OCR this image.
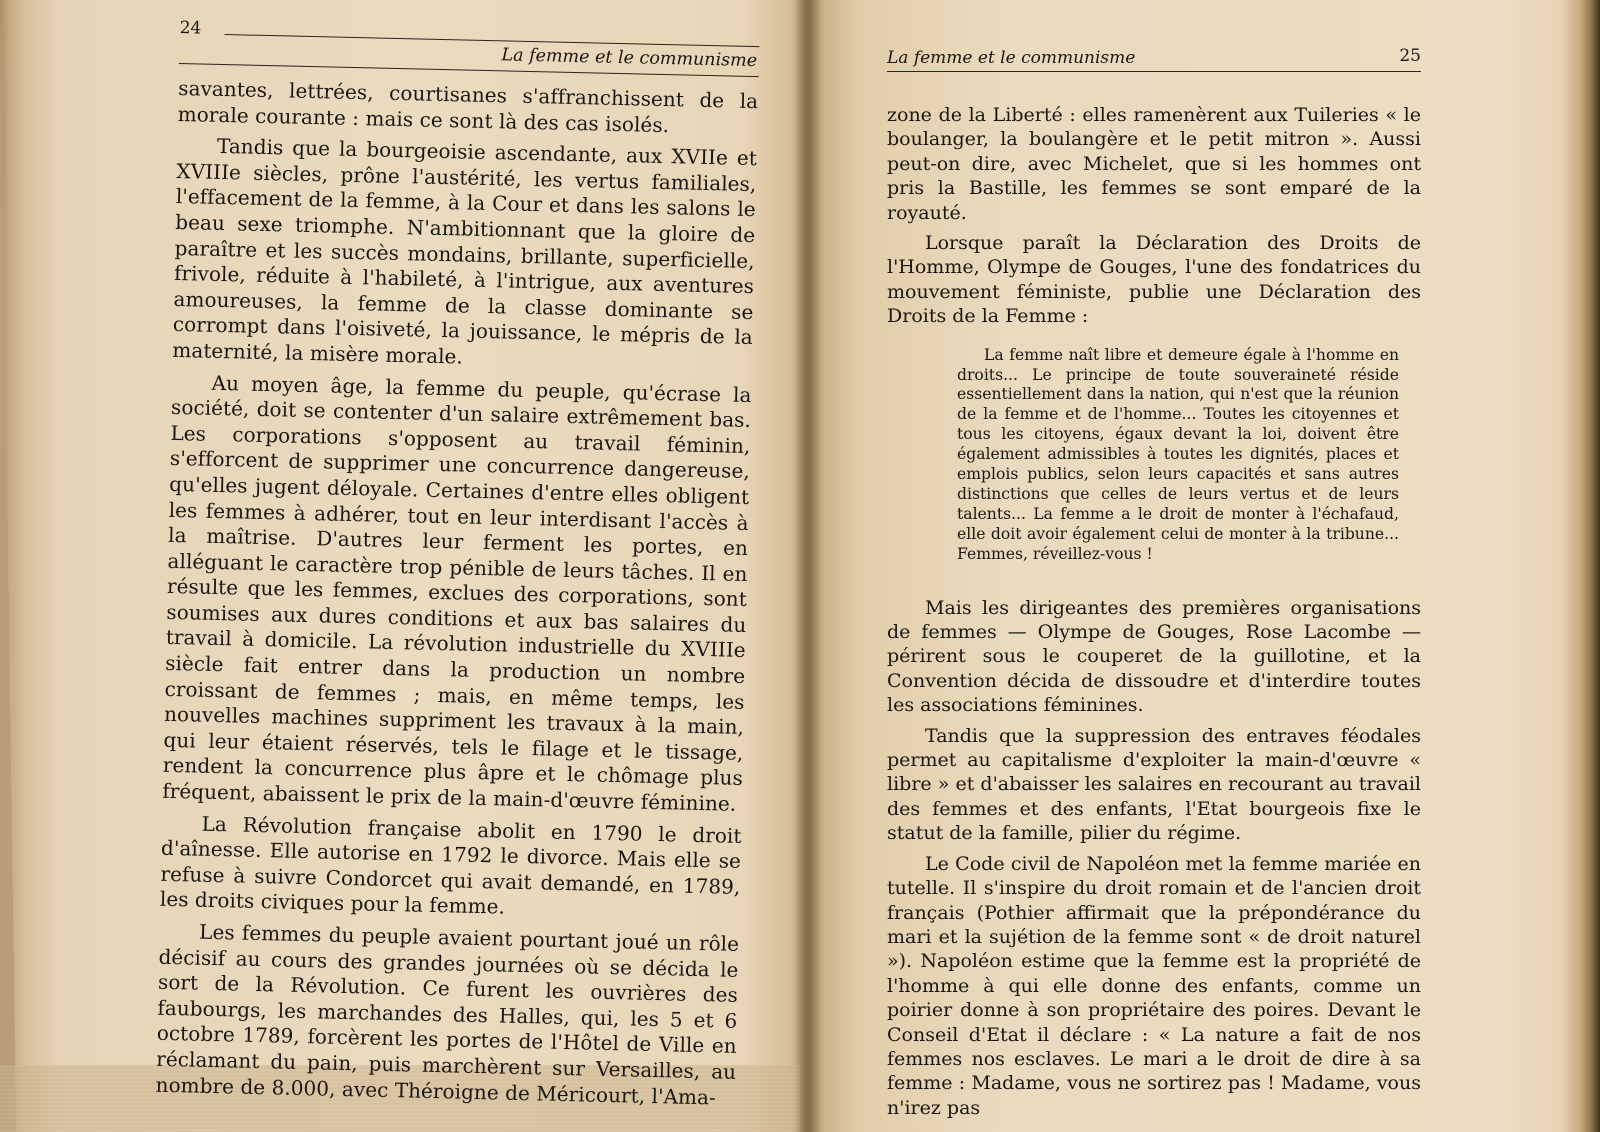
24
La femme et le communisme

savantes, lettrées, courtisanes s'affranchissent de la morale courante : mais ce sont là des cas isolés.

Tandis que la bourgeoisie ascendante, aux XVIIe et XVIIIe siècles, prône l'austérité, les vertus familiales, l'effacement de la femme, à la Cour et dans les salons le beau sexe triomphe. N'ambitionnant que la gloire de paraître et les succès mondains, brillante, superficielle, frivole, réduite à l'habileté, à l'intrigue, aux aventures amoureuses, la femme de la classe dominante se corrompt dans l'oisiveté, la jouissance, le mépris de la maternité, la misère morale.

Au moyen âge, la femme du peuple, qu'écrase la société, doit se contenter d'un salaire extrêmement bas. Les corporations s'opposent au travail féminin, s'efforcent de supprimer une concurrence dangereuse, qu'elles jugent déloyale. Certaines d'entre elles obligent les femmes à adhérer, tout en leur interdisant l'accès à la maîtrise. D'autres leur ferment les portes, en alléguant le caractère trop pénible de leurs tâches. Il en résulte que les femmes, exclues des corporations, sont soumises aux dures conditions et aux bas salaires du travail à domicile. La révolution industrielle du XVIIIe siècle fait entrer dans la production un nombre croissant de femmes ; mais, en même temps, les nouvelles machines suppriment les travaux à la main, qui leur étaient réservés, tels le filage et le tissage, rendent la concurrence plus âpre et le chômage plus fréquent, abaissent le prix de la main-d'œuvre féminine.

La Révolution française abolit en 1790 le droit d'aînesse. Elle autorise en 1792 le divorce. Mais elle se refuse à suivre Condorcet qui avait demandé, en 1789, les droits civiques pour la femme.

Les femmes du peuple avaient pourtant joué un rôle décisif au cours des grandes journées où se décida le sort de la Révolution. Ce furent les ouvrières des faubourgs, les marchandes des Halles, qui, les 5 et 6 octobre 1789, forcèrent les portes de l'Hôtel de Ville en réclamant du pain, puis marchèrent sur Versailles, au nombre de 8.000, avec Théroigne de Méricourt, l'Ama-

La femme et le communisme	25

zone de la Liberté : elles ramenèrent aux Tuileries « le boulanger, la boulangère et le petit mitron ». Aussi peut-on dire, avec Michelet, que si les hommes ont pris la Bastille, les femmes se sont emparé de la royauté.

Lorsque paraît la Déclaration des Droits de l'Homme, Olympe de Gouges, l'une des fondatrices du mouvement féministe, publie une Déclaration des Droits de la Femme :

La femme naît libre et demeure égale à l'homme en droits... Le principe de toute souveraineté réside essentiellement dans la nation, qui n'est que la réunion de la femme et de l'homme... Toutes les citoyennes et tous les citoyens, égaux devant la loi, doivent être également admissibles à toutes les dignités, places et emplois publics, selon leurs capacités et sans autres distinctions que celles de leurs vertus et de leurs talents... La femme a le droit de monter à l'échafaud, elle doit avoir également celui de monter à la tribune... Femmes, réveillez-vous !

Mais les dirigeantes des premières organisations de femmes — Olympe de Gouges, Rose Lacombe — périrent sous le couperet de la guillotine, et la Convention décida de dissoudre et d'interdire toutes les associations féminines.

Tandis que la suppression des entraves féodales permet au capitalisme d'exploiter la main-d'œuvre « libre » et d'abaisser les salaires en recourant au travail des femmes et des enfants, l'Etat bourgeois fixe le statut de la famille, pilier du régime.

Le Code civil de Napoléon met la femme mariée en tutelle. Il s'inspire du droit romain et de l'ancien droit français (Pothier affirmait que la prépondérance du mari et la sujétion de la femme sont « de droit naturel »). Napoléon estime que la femme est la propriété de l'homme à qui elle donne des enfants, comme un poirier donne à son propriétaire des poires. Devant le Conseil d'Etat il déclare : « La nature a fait de nos femmes nos esclaves. Le mari a le droit de dire à sa femme : Madame, vous ne sortirez pas ! Madame, vous n'irez pas
